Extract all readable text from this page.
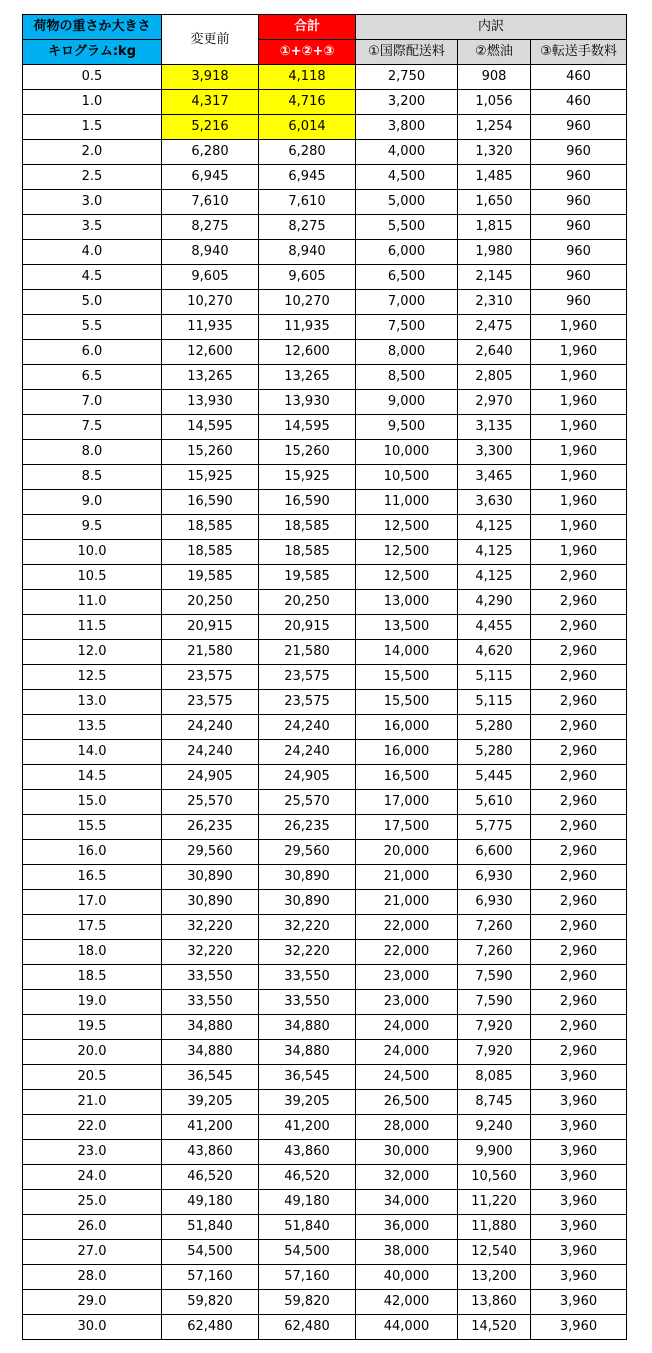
荷物の重さか大きさ	変更前	合計	内訳		
キログラム:kg		①+②+③	①国際配送料	②燃油	③転送手数料
0.5	3,918	4,118	2,750	908	460
1.0	4,317	4,716	3,200	1,056	460
1.5	5,216	6,014	3,800	1,254	960
2.0	6,280	6,280	4,000	1,320	960
2.5	6,945	6,945	4,500	1,485	960
3.0	7,610	7,610	5,000	1,650	960
3.5	8,275	8,275	5,500	1,815	960
4.0	8,940	8,940	6,000	1,980	960
4.5	9,605	9,605	6,500	2,145	960
5.0	10,270	10,270	7,000	2,310	960
5.5	11,935	11,935	7,500	2,475	1,960
6.0	12,600	12,600	8,000	2,640	1,960
6.5	13,265	13,265	8,500	2,805	1,960
7.0	13,930	13,930	9,000	2,970	1,960
7.5	14,595	14,595	9,500	3,135	1,960
8.0	15,260	15,260	10,000	3,300	1,960
8.5	15,925	15,925	10,500	3,465	1,960
9.0	16,590	16,590	11,000	3,630	1,960
9.5	18,585	18,585	12,500	4,125	1,960
10.0	18,585	18,585	12,500	4,125	1,960
10.5	19,585	19,585	12,500	4,125	2,960
11.0	20,250	20,250	13,000	4,290	2,960
11.5	20,915	20,915	13,500	4,455	2,960
12.0	21,580	21,580	14,000	4,620	2,960
12.5	23,575	23,575	15,500	5,115	2,960
13.0	23,575	23,575	15,500	5,115	2,960
13.5	24,240	24,240	16,000	5,280	2,960
14.0	24,240	24,240	16,000	5,280	2,960
14.5	24,905	24,905	16,500	5,445	2,960
15.0	25,570	25,570	17,000	5,610	2,960
15.5	26,235	26,235	17,500	5,775	2,960
16.0	29,560	29,560	20,000	6,600	2,960
16.5	30,890	30,890	21,000	6,930	2,960
17.0	30,890	30,890	21,000	6,930	2,960
17.5	32,220	32,220	22,000	7,260	2,960
18.0	32,220	32,220	22,000	7,260	2,960
18.5	33,550	33,550	23,000	7,590	2,960
19.0	33,550	33,550	23,000	7,590	2,960
19.5	34,880	34,880	24,000	7,920	2,960
20.0	34,880	34,880	24,000	7,920	2,960
20.5	36,545	36,545	24,500	8,085	3,960
21.0	39,205	39,205	26,500	8,745	3,960
22.0	41,200	41,200	28,000	9,240	3,960
23.0	43,860	43,860	30,000	9,900	3,960
24.0	46,520	46,520	32,000	10,560	3,960
25.0	49,180	49,180	34,000	11,220	3,960
26.0	51,840	51,840	36,000	11,880	3,960
27.0	54,500	54,500	38,000	12,540	3,960
28.0	57,160	57,160	40,000	13,200	3,960
29.0	59,820	59,820	42,000	13,860	3,960
30.0	62,480	62,480	44,000	14,520	3,960
